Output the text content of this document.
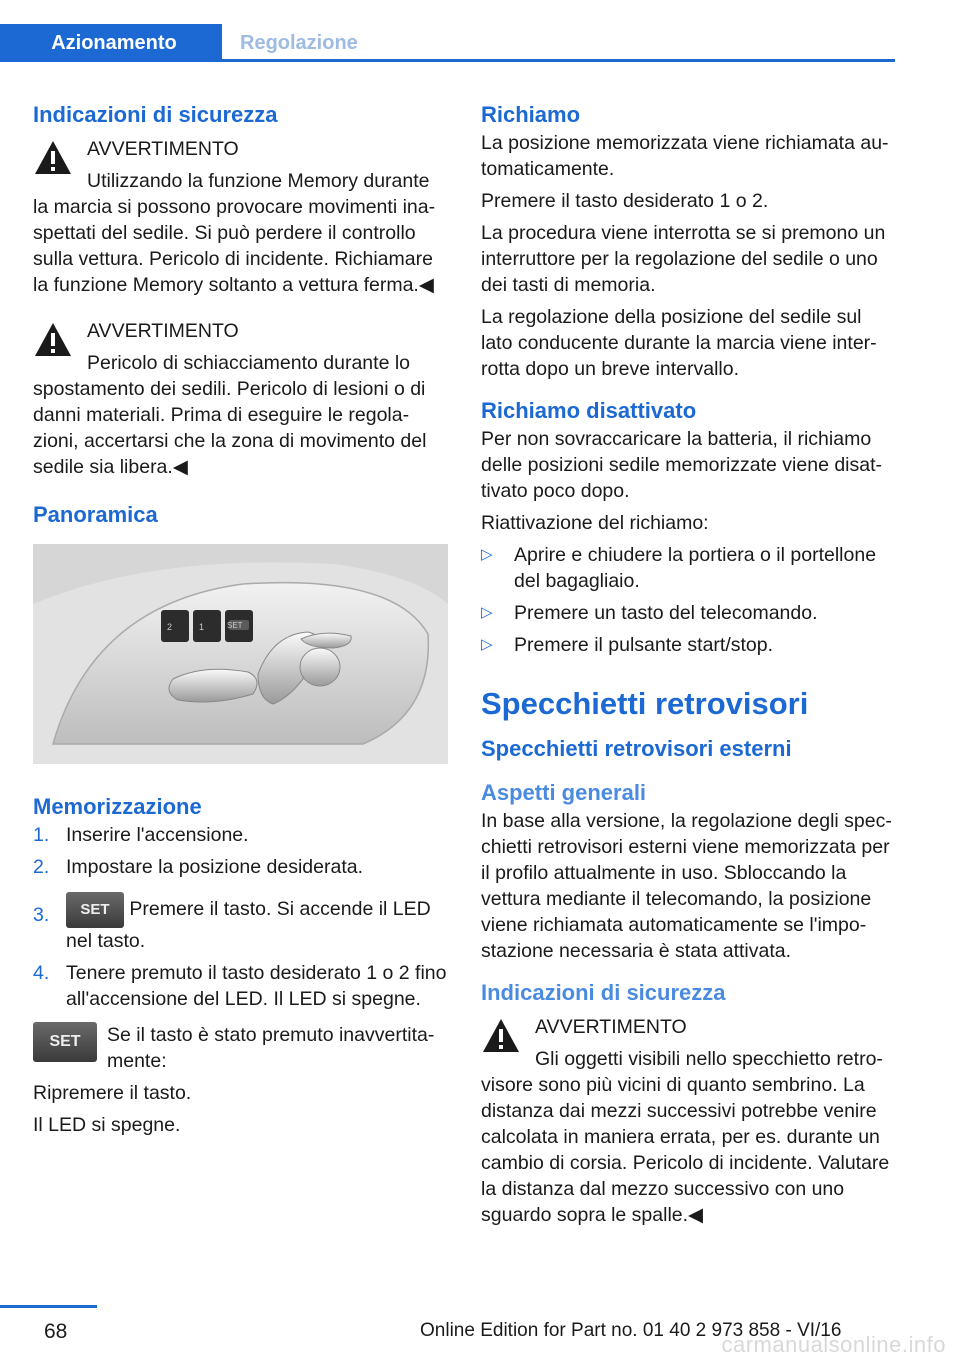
Azionamento	Regolazione
Indicazioni di sicurezza

AVVERTIMENTO

Utilizzando la funzione Memory durante la marcia si possono provocare movimenti inaspettati del sedile. Si può perdere il controllo sulla vettura. Pericolo di incidente. Richiamare la funzione Memory soltanto a vettura ferma.◀

AVVERTIMENTO

Pericolo di schiacciamento durante lo spostamento dei sedili. Pericolo di lesioni o di danni materiali. Prima di eseguire le regolazioni, accertarsi che la zona di movimento del sedile sia libera.◀

Panoramica
2	1	SET
Memorizzazione
1. Inserire l'accensione.
2. Impostare la posizione desiderata.
3. SET Premere il tasto. Si accende il LED nel tasto.
4. Tenere premuto il tasto desiderato 1 o 2 fino all'accensione del LED. Il LED si spegne.
SET	Se il tasto è stato premuto inavvertitamente:

Ripremere il tasto.

Il LED si spegne.

Richiamo

La posizione memorizzata viene richiamata automaticamente.

Premere il tasto desiderato 1 o 2.

La procedura viene interrotta se si premono un interruttore per la regolazione del sedile o uno dei tasti di memoria.

La regolazione della posizione del sedile sul lato conducente durante la marcia viene interrotta dopo un breve intervallo.

Richiamo disattivato

Per non sovraccaricare la batteria, il richiamo delle posizioni sedile memorizzate viene disattivato poco dopo.

Riattivazione del richiamo:

▷ Aprire e chiudere la portiera o il portellone del bagagliaio.
▷ Premere un tasto del telecomando.
▷ Premere il pulsante start/stop.
Specchietti retrovisori
Specchietti retrovisori esterni
Aspetti generali

In base alla versione, la regolazione degli specchietti retrovisori esterni viene memorizzata per il profilo attualmente in uso. Sbloccando la vettura mediante il telecomando, la posizione viene richiamata automaticamente se l'impostazione necessaria è stata attivata.

Indicazioni di sicurezza

AVVERTIMENTO

Gli oggetti visibili nello specchietto retrovisore sono più vicini di quanto sembrino. La distanza dai mezzi successivi potrebbe venire calcolata in maniera errata, per es. durante un cambio di corsia. Pericolo di incidente. Valutare la distanza dal mezzo successivo con uno sguardo sopra le spalle.◀

68	Online Edition for Part no. 01 40 2 973 858 - VI/16
carmanualsonline.info
